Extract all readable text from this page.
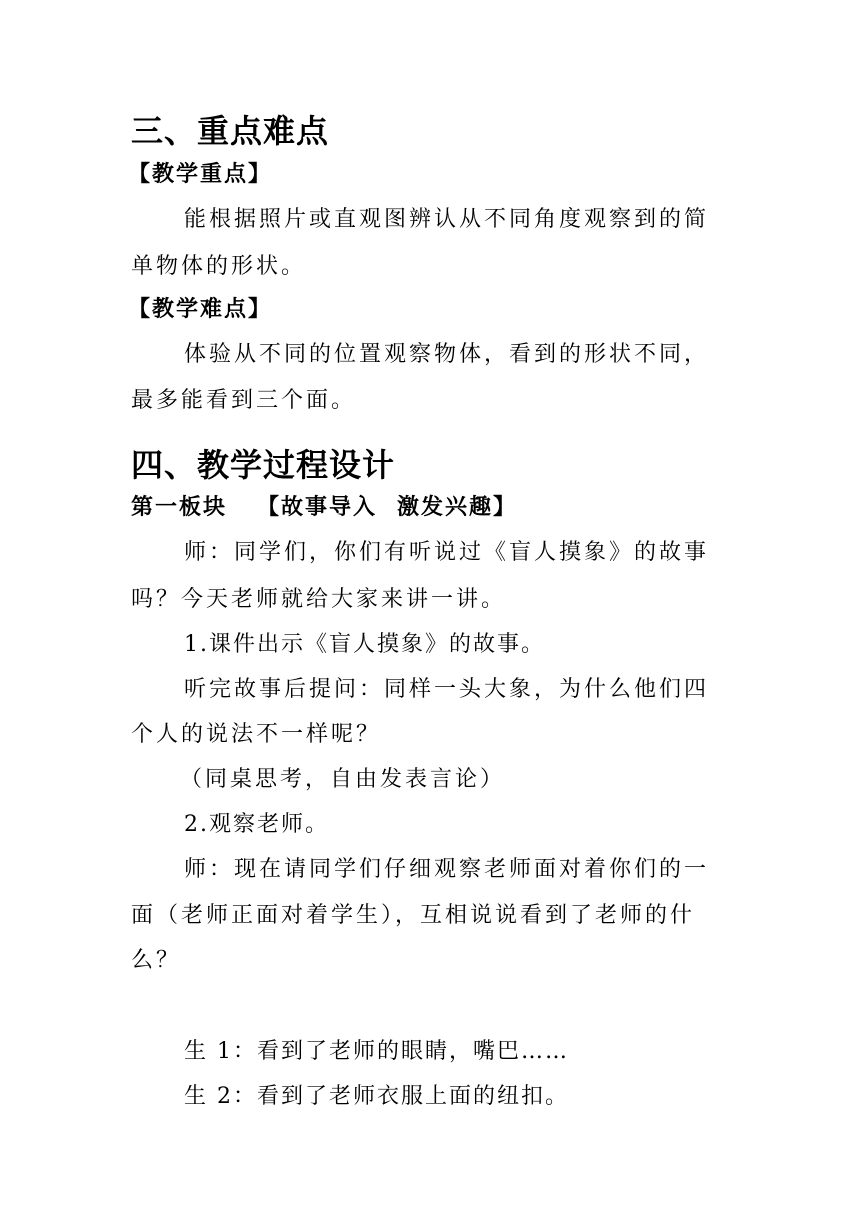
三、重点难点
【教学重点】
能根据照片或直观图辨认从不同角度观察到的简
单物体的形状。
【教学难点】
体验从不同的位置观察物体，看到的形状不同，
最多能看到三个面。
四、教学过程设计
第一板块 【故事导入 激发兴趣】
师：同学们，你们有听说过《盲人摸象》的故事
吗？今天老师就给大家来讲一讲。
1.课件出示《盲人摸象》的故事。
听完故事后提问：同样一头大象，为什么他们四
个人的说法不一样呢？
（同桌思考，自由发表言论）
2.观察老师。
师：现在请同学们仔细观察老师面对着你们的一
面（老师正面对着学生），互相说说看到了老师的什
么？
生 1：看到了老师的眼睛，嘴巴……
生 2：看到了老师衣服上面的纽扣。
